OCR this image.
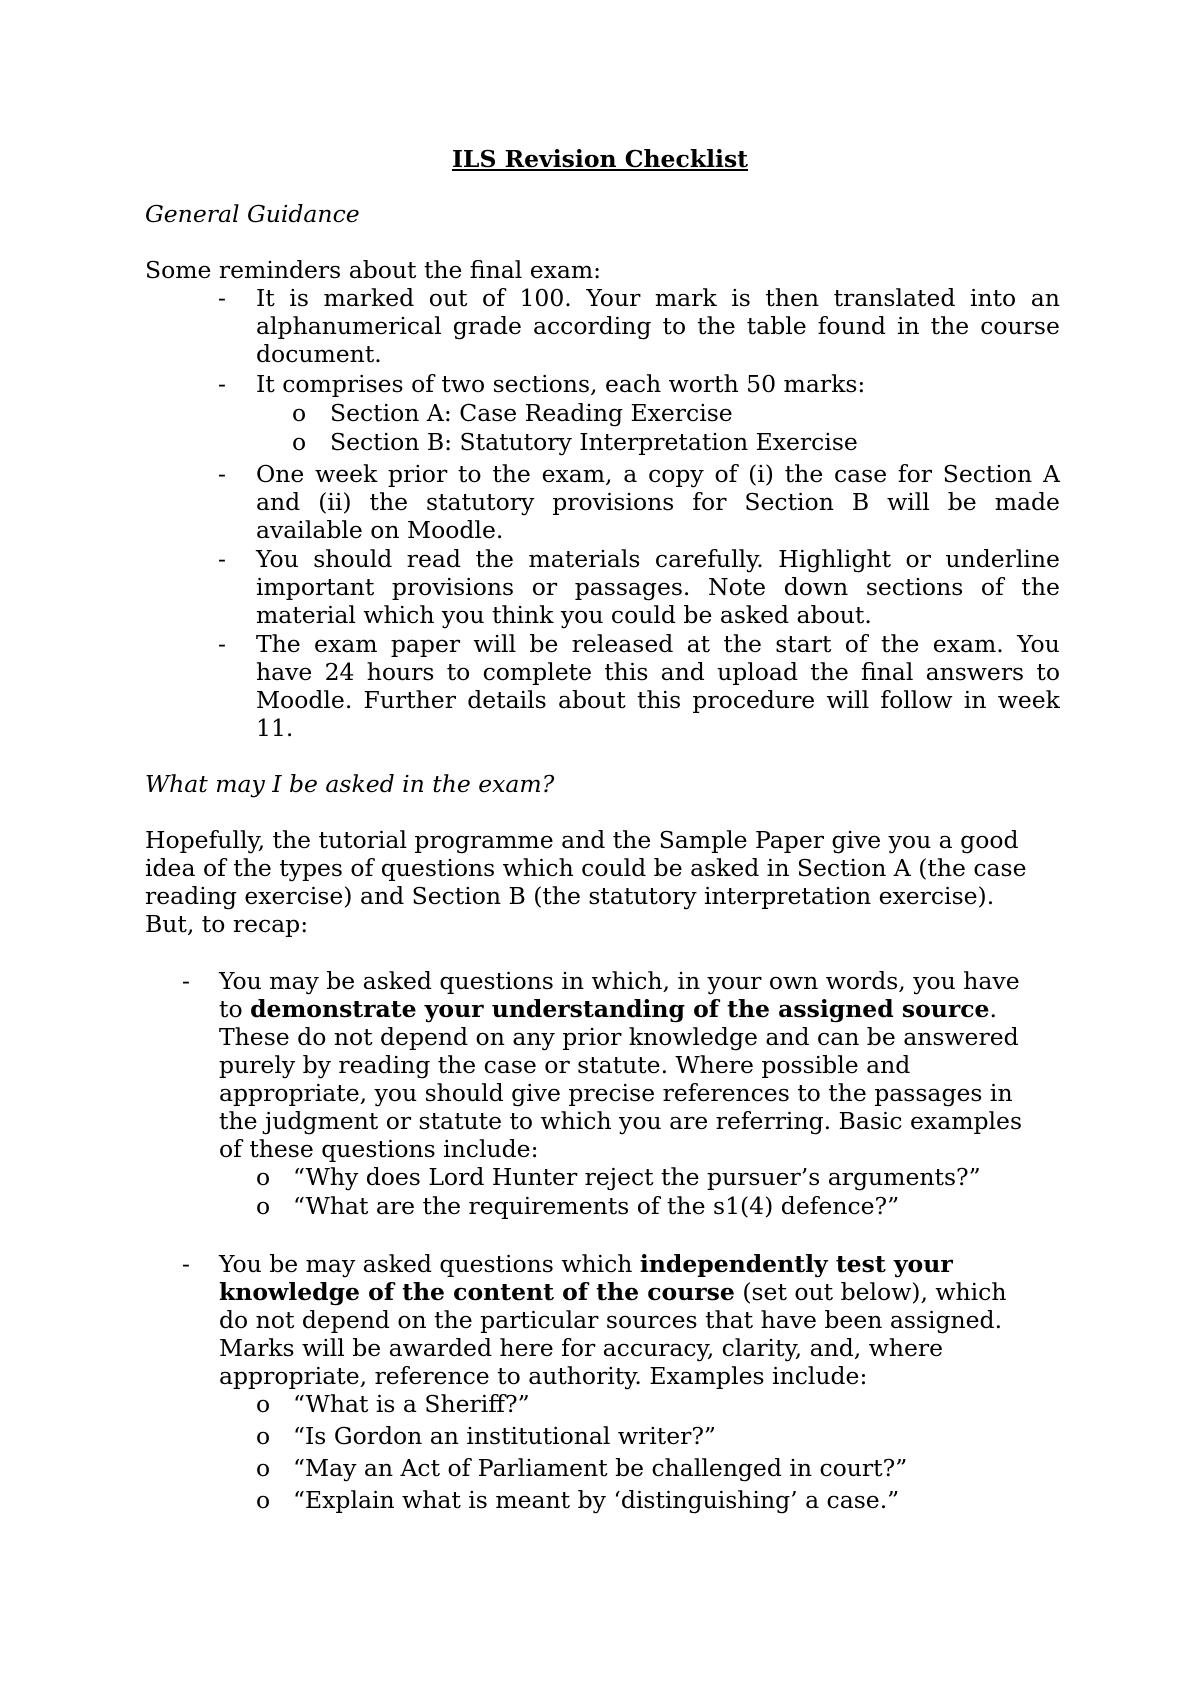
ILS Revision Checklist
General Guidance
Some reminders about the final exam:
- It is marked out of 100. Your mark is then translated into an
alphanumerical grade according to the table found in the course
document.
- It comprises of two sections, each worth 50 marks:
o Section A: Case Reading Exercise
o Section B: Statutory Interpretation Exercise
- One week prior to the exam, a copy of (i) the case for Section A
and (ii) the statutory provisions for Section B will be made
available on Moodle.
- You should read the materials carefully. Highlight or underline
important provisions or passages. Note down sections of the
material which you think you could be asked about.
- The exam paper will be released at the start of the exam. You
have 24 hours to complete this and upload the final answers to
Moodle. Further details about this procedure will follow in week
11.
What may I be asked in the exam?
Hopefully, the tutorial programme and the Sample Paper give you a good
idea of the types of questions which could be asked in Section A (the case
reading exercise) and Section B (the statutory interpretation exercise).
But, to recap:
- You may be asked questions in which, in your own words, you have
to demonstrate your understanding of the assigned source.
These do not depend on any prior knowledge and can be answered
purely by reading the case or statute. Where possible and
appropriate, you should give precise references to the passages in
the judgment or statute to which you are referring. Basic examples
of these questions include:
o “Why does Lord Hunter reject the pursuer’s arguments?”
o “What are the requirements of the s1(4) defence?”
- You be may asked questions which independently test your
knowledge of the content of the course (set out below), which
do not depend on the particular sources that have been assigned.
Marks will be awarded here for accuracy, clarity, and, where
appropriate, reference to authority. Examples include:
o “What is a Sheriff?”
o “Is Gordon an institutional writer?”
o “May an Act of Parliament be challenged in court?”
o “Explain what is meant by ‘distinguishing’ a case.”
